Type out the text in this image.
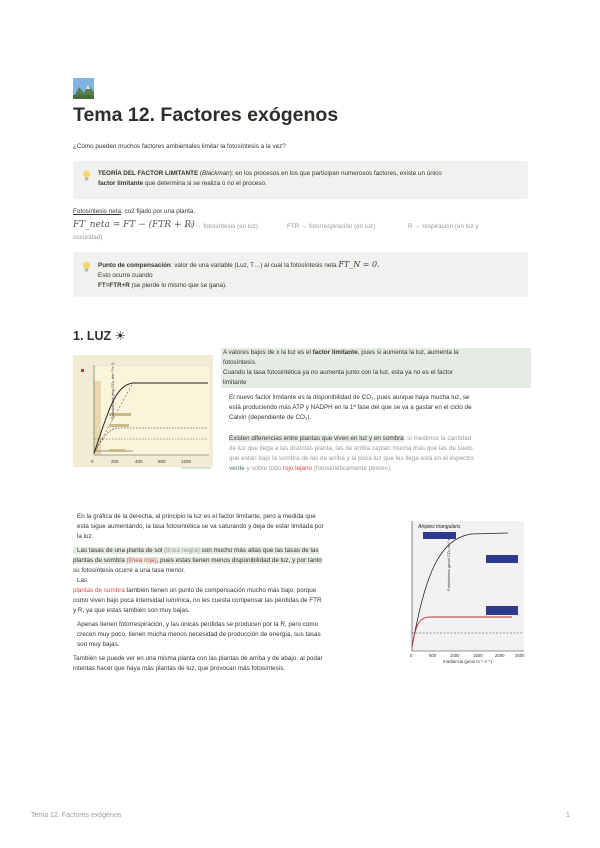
Tema 12. Factores exógenos
¿Cómo pueden muchos factores ambientales limitar la fotosíntesis a la vez?
TEORÍA DEL FACTOR LIMITANTE (Blackman): en los procesos en los que participan numerosos factores, existe un único
factor limitante que determina si se realiza o no el proceso.
Fotosíntesis neta: co2 fijado por una planta.
FT_neta = FT − (FTR + R)
FT → fotosíntesis (en luz)	FTR → fotorrespiración (en luz)	R → respiración (en luz y
oscuridad)
Punto de compensación: valor de una variable (Luz, T…) al cual la fotosíntesis neta FT_N = 0.
Esto ocurre cuando
FT=FTR+R (se pierde lo mismo que se gana).
1. LUZ ☀
Fotosíntesis (mg CO₂ dm⁻² h⁻¹)
0	200	400	800	1200
A valores bajos de x la luz es el factor limitante, pues si aumenta la luz, aumenta la
fotosíntesis.
Cuando la tasa fotosintética ya no aumenta junto con la luz, esta ya no es el factor
limitante
El nuevo factor limitante es la disponibilidad de CO₂, pues aunque haya mucha luz, se
está produciendo más ATP y NADPH en la 1ª fase del que se va a gastar en el ciclo de
Calvin (dependiente de CO₂).
Existen diferencias entre plantas que viven en luz y en sombra: si medimos la cantidad
de luz que llega a las distintas planta, las de arriba captan mucha más que las de suelo,
que están bajo la sombra de las de arriba y la poca luz que les llega está en el espectro
verde y sobre todo rojo lejano (fotosintéticamente peores).
En la gráfica de la derecha, al principio la luz es el factor limitante, pero a medida que
esta sigue aumentando, la tasa fotosintética se va saturando y deja de estar limitada por
la luz.
Las tasas de una planta de sol (línea negra) son mucho más altas que las tasas de las
plantas de sombra (línea roja), pues estas tienen menos disponibilidad de luz, y por tanto
su fotosíntesis ocurre a una tasa menor.
Las
plantas de sombra también tienen un punto de compensación mucho más bajo, porque
como viven bajo poca intensidad lumínica, no les cuesta compensar las pérdidas de FTR
y R, ya que estas también son muy bajas.
Apenas tienen fotorrespiración, y las únicas pérdidas se producen por la R, pero como
crecen muy poco, tienen mucha menos necesidad de producción de energía, sus tasas
son muy bajas.
También se puede ver en una misma planta con las plantas de arriba y de abajo. al podar
intentas hacer que haya más plantas de luz, que provocan más fotosíntesis.
Atriplex triangularis
Fotosíntesis (μmol CO₂ m⁻² s⁻¹)
0	500	1000	1500	2000 2500
Irradiancia (μmol m⁻² s⁻¹)
Tema 12. Factores exógenos	1
